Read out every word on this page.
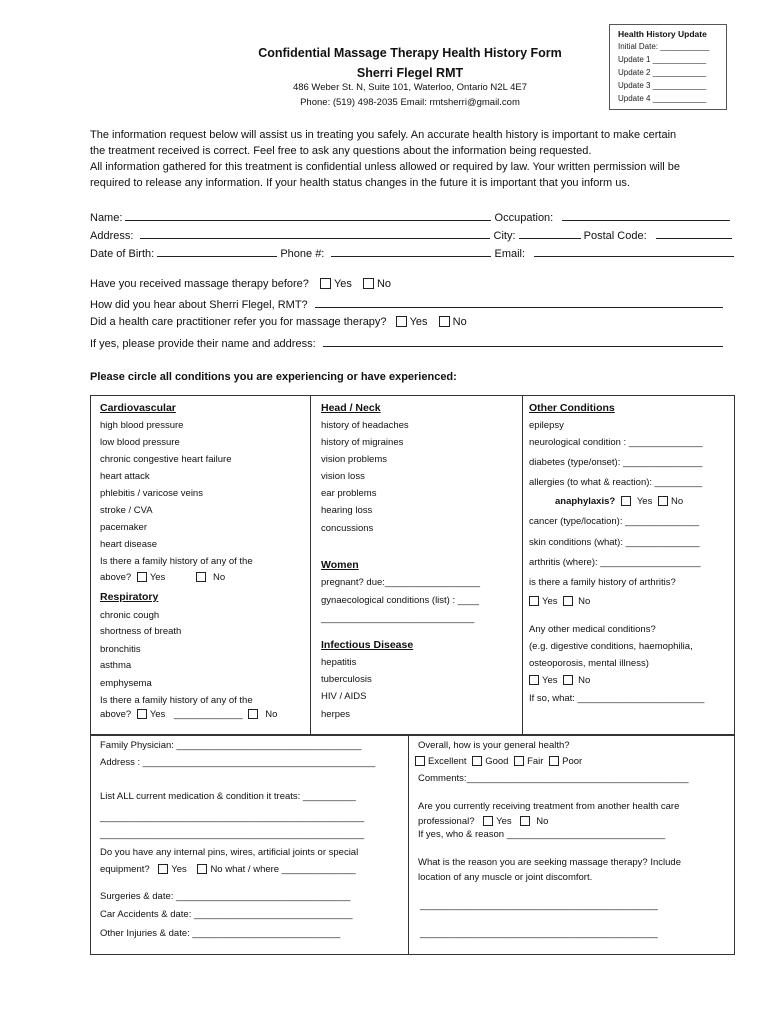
Health History Update
Initial Date: ___________
Update 1 ____________
Update 2 ____________
Update 3 ____________
Update 4 ____________
Confidential Massage Therapy Health History Form
Sherri Flegel RMT
486 Weber St. N, Suite 101, Waterloo, Ontario N2L 4E7
Phone: (519) 498-2035 Email: rmtsherri@gmail.com
The information request below will assist us in treating you safely. An accurate health history is important to make certain
the treatment received is correct. Feel free to ask any questions about the information being requested.
All information gathered for this treatment is confidential unless allowed or required by law. Your written permission will be
required to release any information. If your health status changes in the future it is important that you inform us.
Name:	Occupation:
Address:	City:	Postal Code:
Date of Birth:	Phone #:	Email:
Have you received massage therapy before? Yes No
How did you hear about Sherri Flegel, RMT?
Did a health care practitioner refer you for massage therapy? Yes No
If yes, please provide their name and address:
Please circle all conditions you are experiencing or have experienced:
Cardiovascular
high blood pressure
low blood pressure
chronic congestive heart failure
heart attack
phlebitis / varicose veins
stroke / CVA
pacemaker
heart disease
Is there a family history of any of the
above? Yes	No
Respiratory
chronic cough
shortness of breath
bronchitis
asthma
emphysema
Is there a family history of any of the
above? Yes _____________ No
Head / Neck
history of headaches
history of migraines
vision problems
vision loss
ear problems
hearing loss
concussions
Women
pregnant? due:__________________
gynaecological conditions (list) : ____
_____________________________
Infectious Disease
hepatitis
tuberculosis
HIV / AIDS
herpes
Other Conditions
epilepsy
neurological condition : ______________
diabetes (type/onset): _______________
allergies (to what & reaction): _________
anaphylaxis? Yes No
cancer (type/location): ______________
skin conditions (what): ______________
arthritis (where): ___________________
is there a family history of arthritis?
Yes No
Any other medical conditions?
(e.g. digestive conditions, haemophilia,
osteoporosis, mental illness)
Yes No
If so, what: ________________________
Family Physician: ___________________________________
Address : ____________________________________________
List ALL current medication & condition it treats: __________
__________________________________________________
__________________________________________________
Do you have any internal pins, wires, artificial joints or special
equipment? Yes No what / where ______________
Surgeries & date: _________________________________
Car Accidents & date: ______________________________
Other Injuries & date: ____________________________
Overall, how is your general health?
Excellent Good Fair Poor
Comments:__________________________________________
Are you currently receiving treatment from another health care
professional? Yes	No
If yes, who & reason ______________________________
What is the reason you are seeking massage therapy? Include
location of any muscle or joint discomfort.
_____________________________________________
_____________________________________________
